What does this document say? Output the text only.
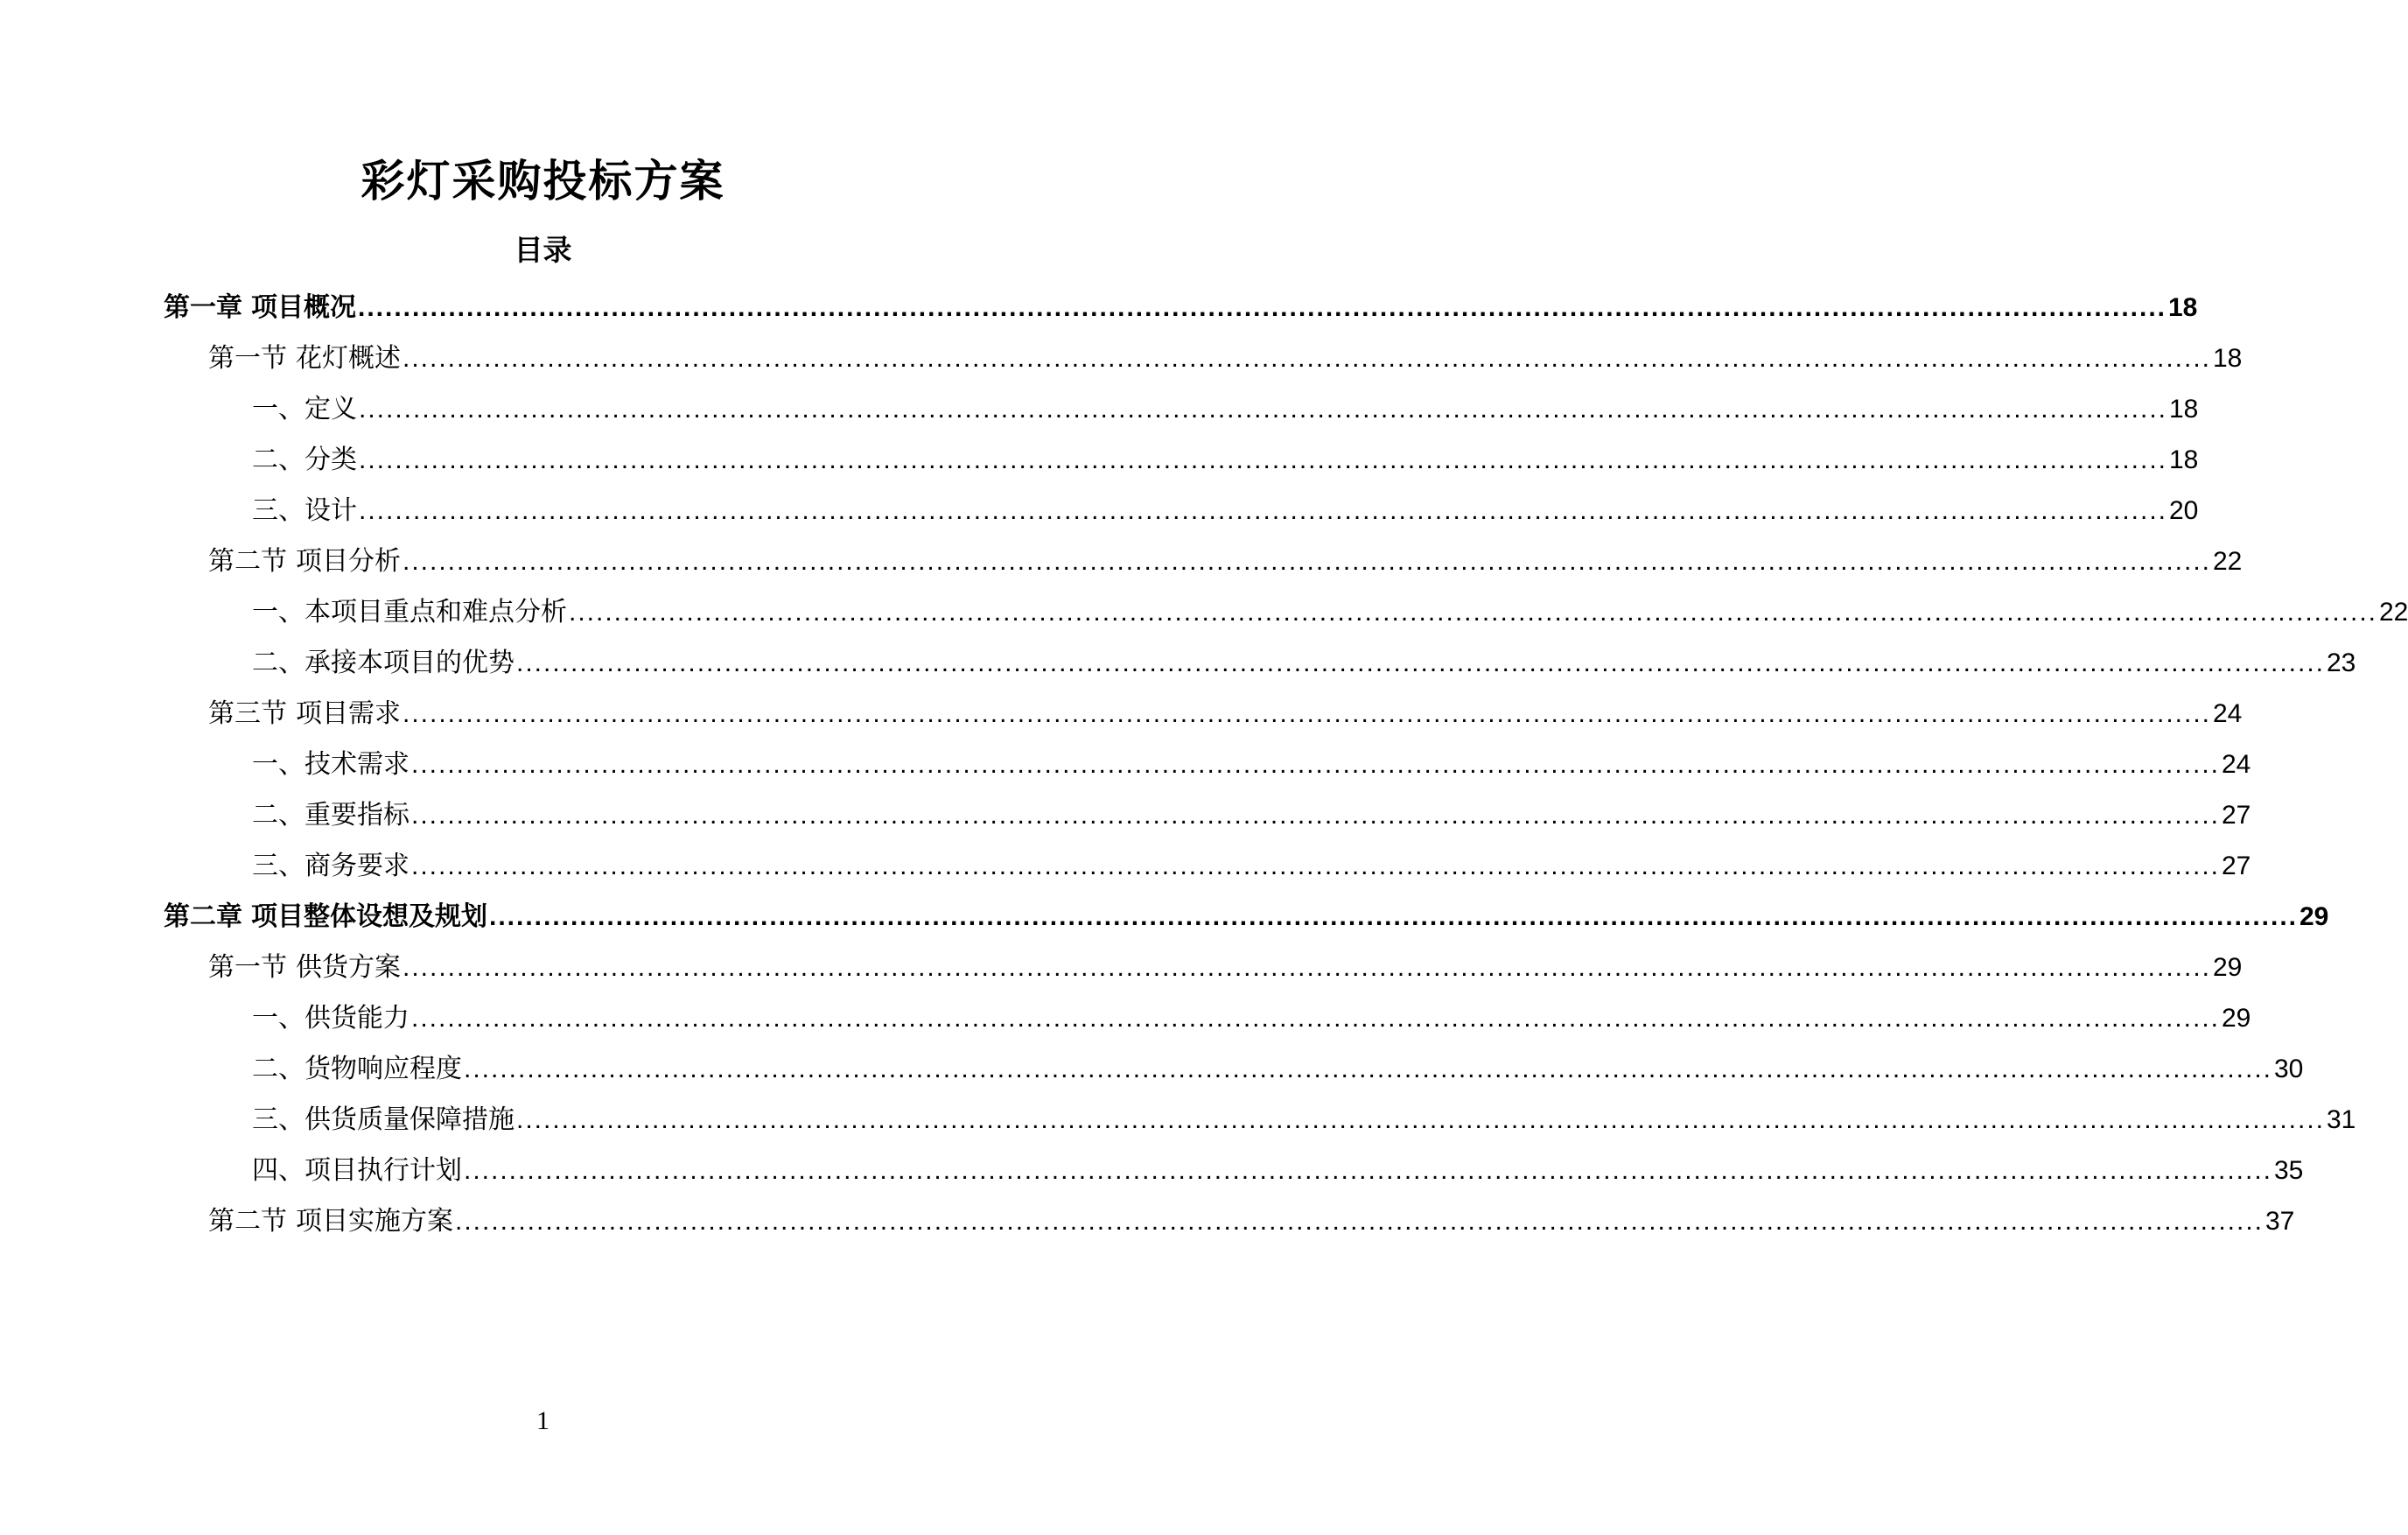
彩灯采购投标方案
目录
第一章 项目概况 ........................................................................................................................................................................................................ 18
第一节 花灯概述 ........................................................................................................................................................................................................ 18
一、定义 ........................................................................................................................................................................................................ 18
二、分类 ........................................................................................................................................................................................................ 18
三、设计 ........................................................................................................................................................................................................ 20
第二节 项目分析 ........................................................................................................................................................................................................ 22
一、本项目重点和难点分析 ........................................................................................................................................................................................................ 22
二、承接本项目的优势 ........................................................................................................................................................................................................ 23
第三节 项目需求 ........................................................................................................................................................................................................ 24
一、技术需求 ........................................................................................................................................................................................................ 24
二、重要指标 ........................................................................................................................................................................................................ 27
三、商务要求 ........................................................................................................................................................................................................ 27
第二章 项目整体设想及规划 ........................................................................................................................................................................................................ 29
第一节 供货方案 ........................................................................................................................................................................................................ 29
一、供货能力 ........................................................................................................................................................................................................ 29
二、货物响应程度 ........................................................................................................................................................................................................ 30
三、供货质量保障措施 ........................................................................................................................................................................................................ 31
四、项目执行计划 ........................................................................................................................................................................................................ 35
第二节 项目实施方案 ........................................................................................................................................................................................................ 37
1
